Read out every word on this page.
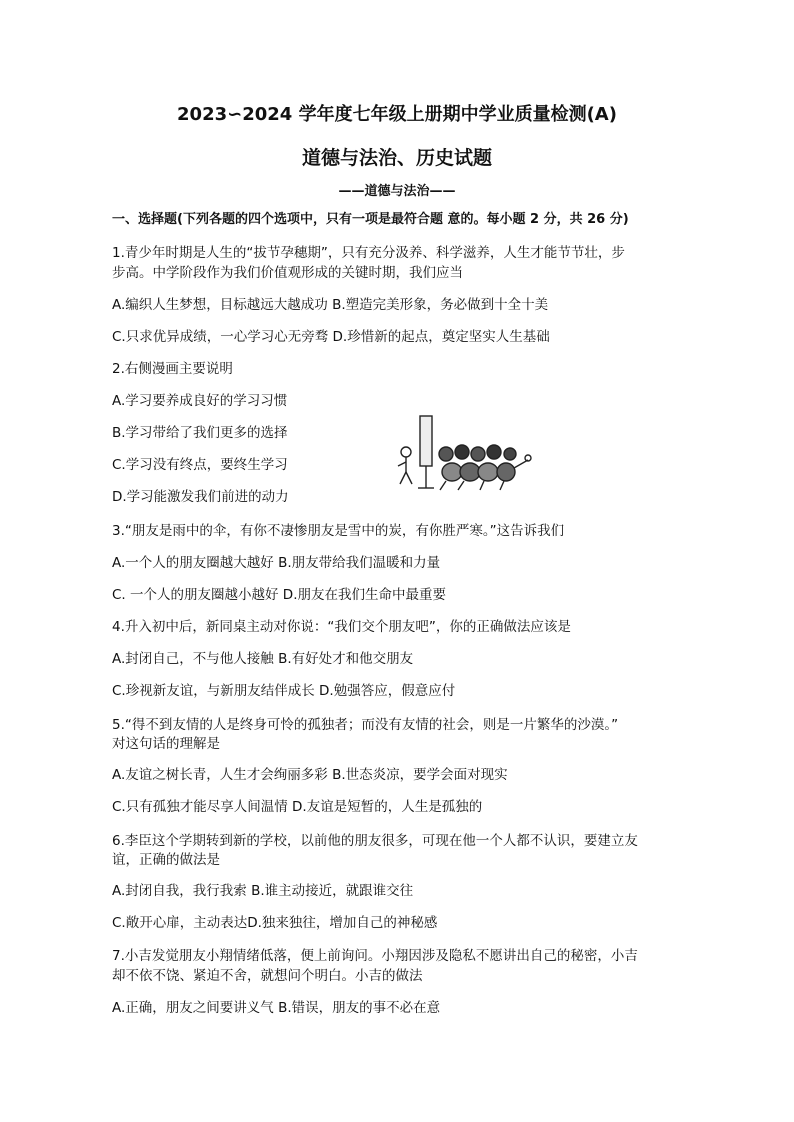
2023∽2024 学年度七年级上册期中学业质量检测(A)
道德与法治、历史试题
——道德与法治——
一、选择题(下列各题的四个选项中，只有一项是最符合题 意的。每小题 2 分，共 26 分)
1.青少年时期是人生的“拔节孕穗期”，只有充分汲养、科学滋养，人生才能节节壮，步
步高。中学阶段作为我们价值观形成的关键时期，我们应当
A.编织人生梦想，目标越远大越成功 B.塑造完美形象，务必做到十全十美
C.只求优异成绩，一心学习心无旁骛 D.珍惜新的起点，奠定坚实人生基础
2.右侧漫画主要说明
A.学习要养成良好的学习习惯
B.学习带给了我们更多的选择
C.学习没有终点，要终生学习
D.学习能激发我们前进的动力
3.“朋友是雨中的伞，有你不凄惨朋友是雪中的炭，有你胜严寒。”这告诉我们
A.一个人的朋友圈越大越好 B.朋友带给我们温暖和力量
C. 一个人的朋友圈越小越好 D.朋友在我们生命中最重要
4.升入初中后，新同桌主动对你说：“我们交个朋友吧”，你的正确做法应该是
A.封闭自己，不与他人接触 B.有好处才和他交朋友
C.珍视新友谊，与新朋友结伴成长 D.勉强答应，假意应付
5.“得不到友情的人是终身可怜的孤独者；而没有友情的社会，则是一片繁华的沙漠。”
对这句话的理解是
A.友谊之树长青，人生才会绚丽多彩 B.世态炎凉，要学会面对现实
C.只有孤独才能尽享人间温情 D.友谊是短暂的，人生是孤独的
6.李臣这个学期转到新的学校，以前他的朋友很多，可现在他一个人都不认识，要建立友
谊，正确的做法是
A.封闭自我，我行我索 B.谁主动接近，就跟谁交往
C.敞开心扉，主动表达D.独来独往，增加自己的神秘感
7.小吉发觉朋友小翔情绪低落，便上前询问。小翔因涉及隐私不愿讲出自己的秘密，小吉
却不依不饶、紧迫不舍，就想问个明白。小吉的做法
A.正确，朋友之间要讲义气 B.错误，朋友的事不必在意
